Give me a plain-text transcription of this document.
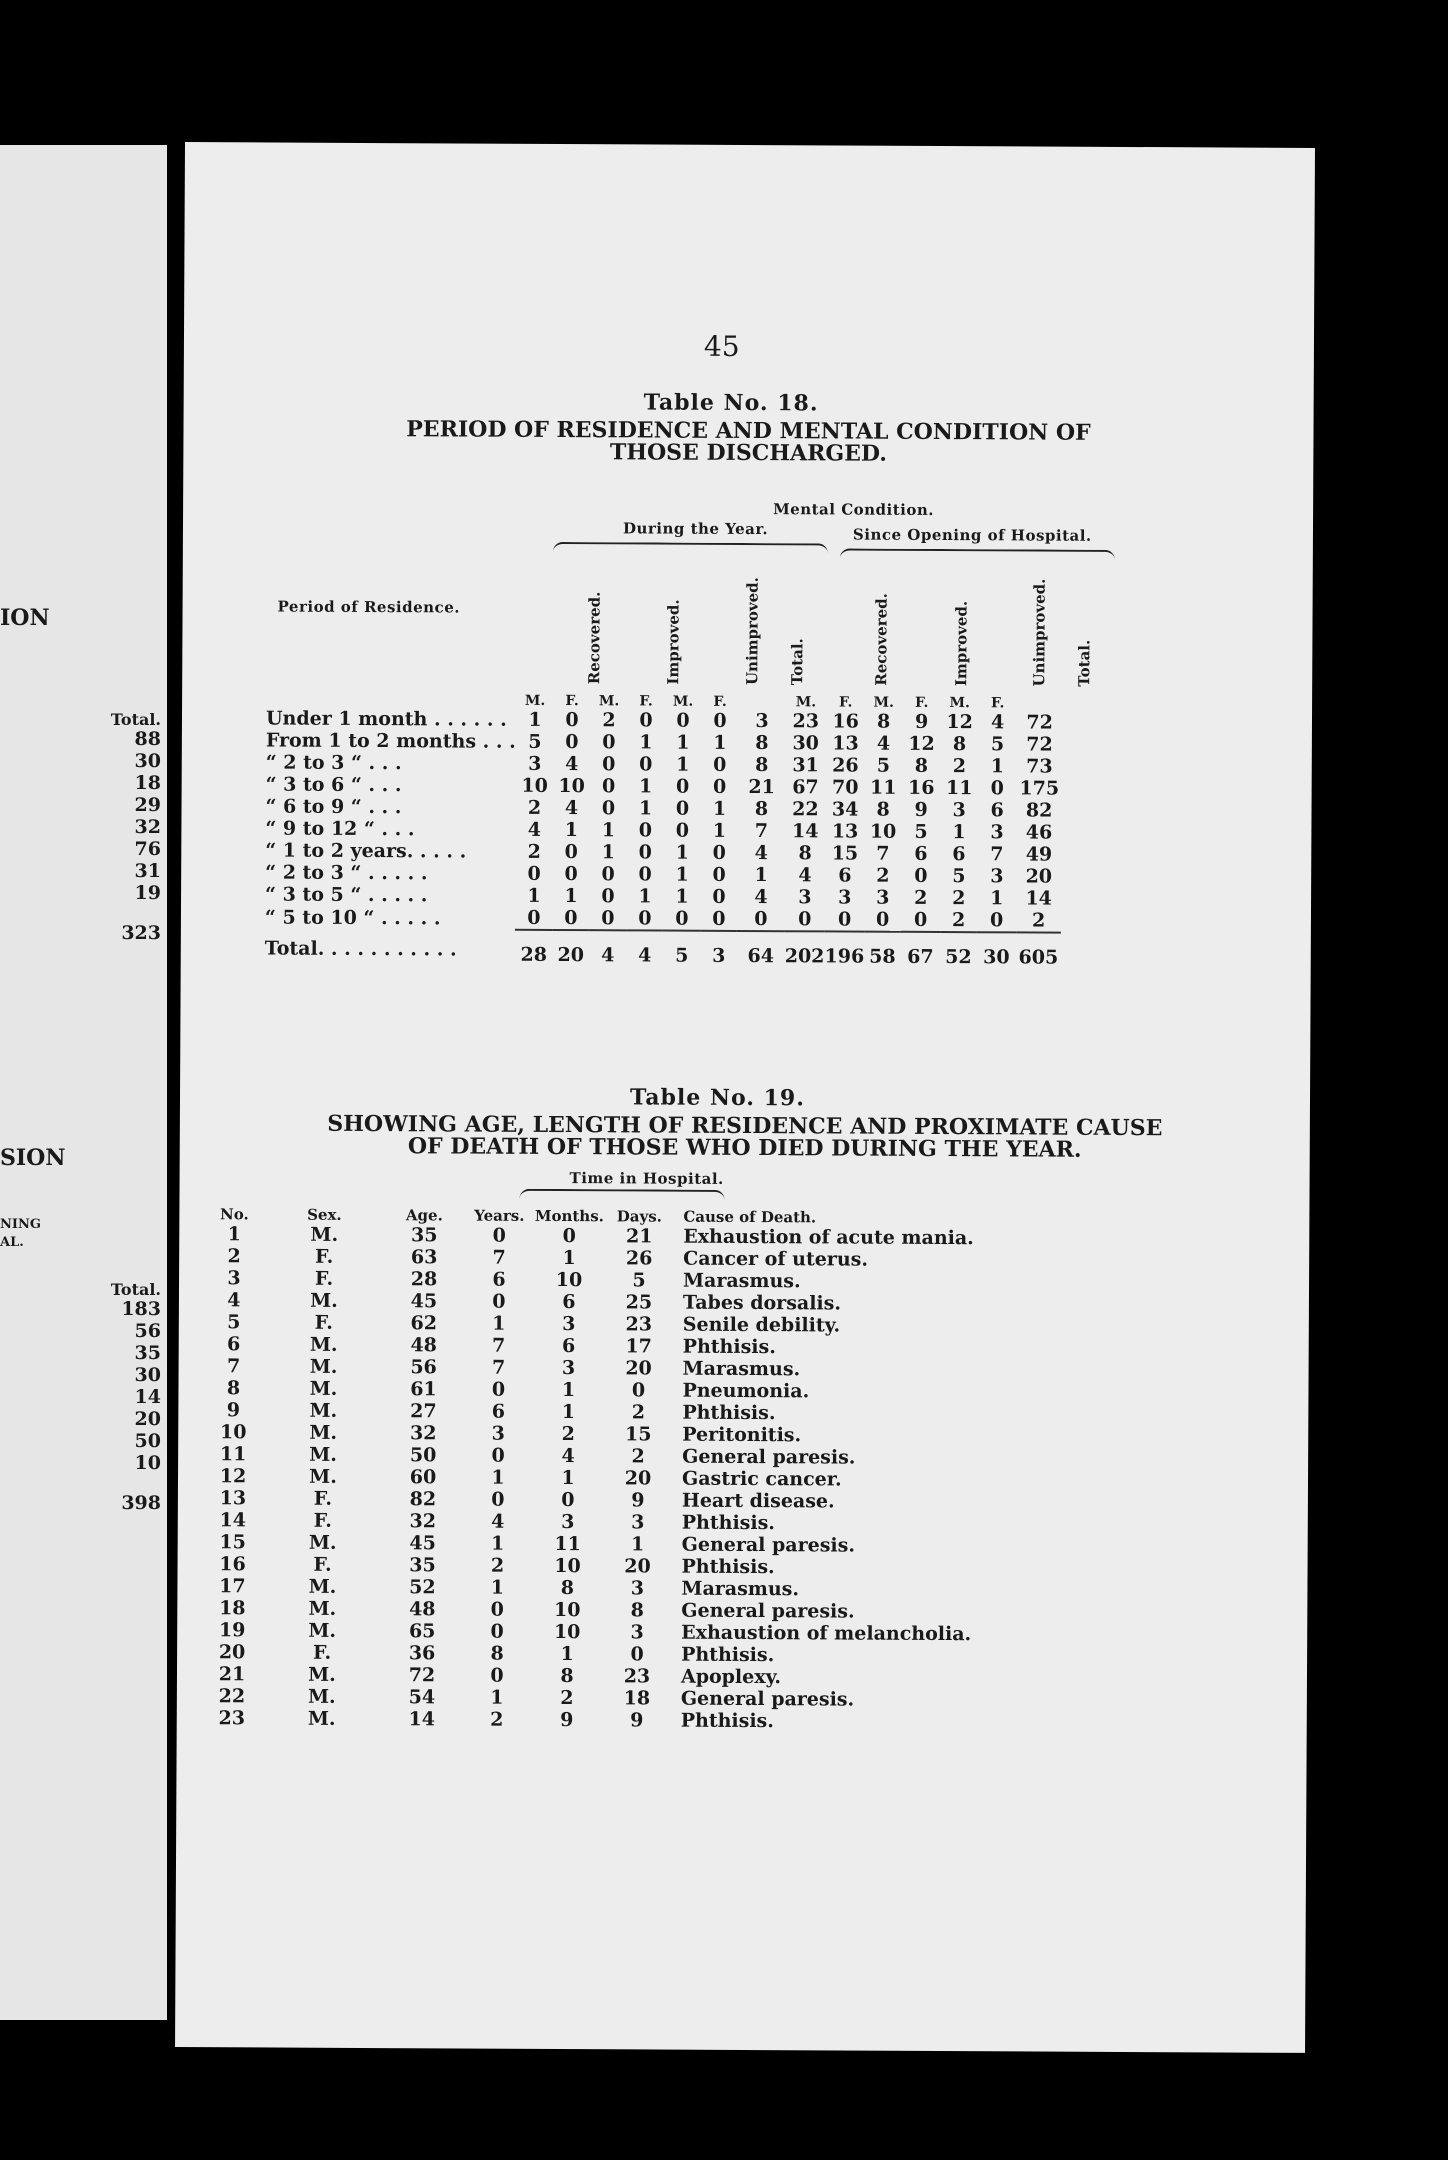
ION
Total.
88
30
18
29
32
76
31
19
323
SION
NING
AL.
Total.
183
56
35
30
14
20
50
10
398
45
Table No. 18.
PERIOD OF RESIDENCE AND MENTAL CONDITION OF
THOSE DISCHARGED.
Mental Condition.
During the Year.	Since Opening of Hospital.
Period of Residence.	Recovered.	Improved.	Unimproved. Total.	Recovered.	Improved.	Unimproved. Total.
	M.	F.	M.	F.	M.	F.		M.	F.	M.	F.	M.	F.	
Under 1 month . . . . . .	1	0	2	0	0	0	3	23	16	8	9	12	4	72
From 1 to 2 months . . .	5	0	0	1	1	1	8	30	13	4	12	8	5	72
“ 2 to 3 “ . . .	3	4	0	0	1	0	8	31	26	5	8	2	1	73
“ 3 to 6 “ . . .	10	10	0	1	0	0	21	67	70	11	16	11	0	175
“ 6 to 9 “ . . .	2	4	0	1	0	1	8	22	34	8	9	3	6	82
“ 9 to 12 “ . . .	4	1	1	0	0	1	7	14	13	10	5	1	3	46
“ 1 to 2 years. . . . .	2	0	1	0	1	0	4	8	15	7	6	6	7	49
“ 2 to 3 “ . . . . .	0	0	0	0	1	0	1	4	6	2	0	5	3	20
“ 3 to 5 “ . . . . .	1	1	0	1	1	0	4	3	3	3	2	2	1	14
“ 5 to 10 “ . . . . .	0	0	0	0	0	0	0	0	0	0	0	2	0	2
Total. . . . . . . . . . .	28	20	4	4	5	3	64	202	196	58	67	52	30	605
Table No. 19.
SHOWING AGE, LENGTH OF RESIDENCE AND PROXIMATE CAUSE
OF DEATH OF THOSE WHO DIED DURING THE YEAR.
Time in Hospital.
No.	Sex.	Age.	Years.	Months.	Days.	Cause of Death.
1	M.	35	0	0	21	Exhaustion of acute mania.
2	F.	63	7	1	26	Cancer of uterus.
3	F.	28	6	10	5	Marasmus.
4	M.	45	0	6	25	Tabes dorsalis.
5	F.	62	1	3	23	Senile debility.
6	M.	48	7	6	17	Phthisis.
7	M.	56	7	3	20	Marasmus.
8	M.	61	0	1	0	Pneumonia.
9	M.	27	6	1	2	Phthisis.
10	M.	32	3	2	15	Peritonitis.
11	M.	50	0	4	2	General paresis.
12	M.	60	1	1	20	Gastric cancer.
13	F.	82	0	0	9	Heart disease.
14	F.	32	4	3	3	Phthisis.
15	M.	45	1	11	1	General paresis.
16	F.	35	2	10	20	Phthisis.
17	M.	52	1	8	3	Marasmus.
18	M.	48	0	10	8	General paresis.
19	M.	65	0	10	3	Exhaustion of melancholia.
20	F.	36	8	1	0	Phthisis.
21	M.	72	0	8	23	Apoplexy.
22	M.	54	1	2	18	General paresis.
23	M.	14	2	9	9	Phthisis.
